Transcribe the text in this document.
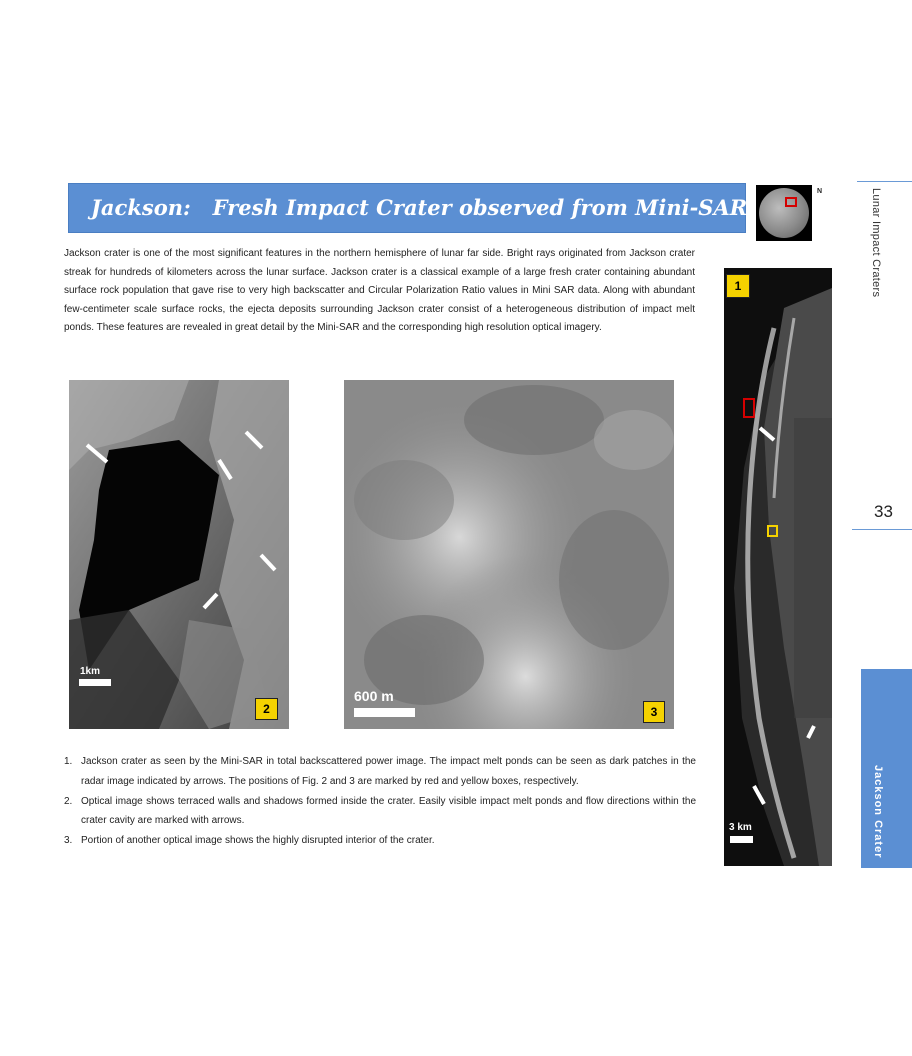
Jackson:   Fresh Impact Crater observed from Mini-SAR
N	Lunar Impact Craters
33
Jackson Crater

Jackson crater is one of the most significant features in the northern hemisphere of lunar far side. Bright rays originated from Jackson crater streak for hundreds of kilometers across the lunar surface. Jackson crater is a classical example of a large fresh crater containing abundant surface rock population that gave rise to very high backscatter and Circular Polarization Ratio values in Mini SAR data. Along with abundant few-centimeter scale surface rocks, the ejecta deposits surrounding Jackson crater consist of a heterogeneous distribution of impact melt ponds. These features are revealed in great detail by the Mini-SAR and the corresponding high resolution optical imagery.

1km
2
600 m
3
1
3 km
1. Jackson crater as seen by the Mini-SAR in total backscattered power image. The impact melt ponds can be seen as dark patches in the radar image indicated by arrows. The positions of Fig. 2 and 3 are marked by red and yellow boxes, respectively.
2. Optical image shows terraced walls and shadows formed inside the crater. Easily visible impact melt ponds and flow directions within the crater cavity are marked with arrows.
3. Portion of another optical image shows the highly disrupted interior of the crater.
